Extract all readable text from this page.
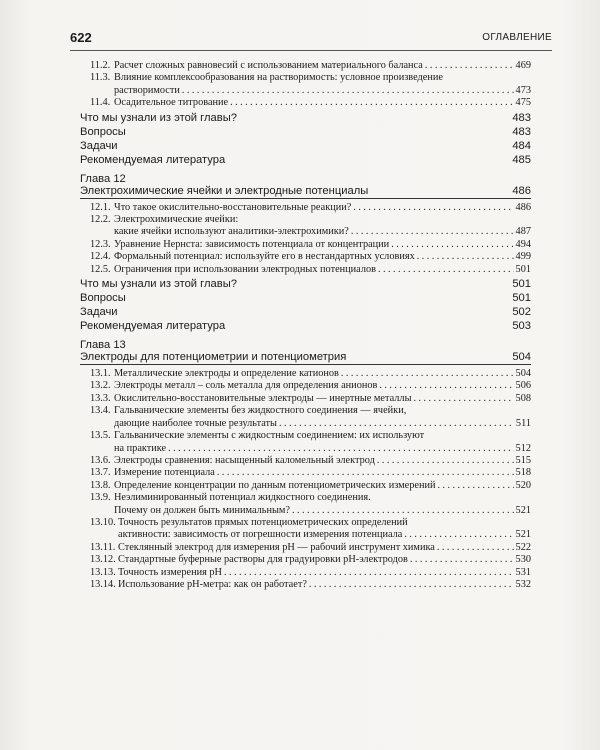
622	ОГЛАВЛЕНИЕ
11.2. Расчет сложных равновесий с использованием материального баланса . . .	469
11.3. Влияние комплексообразования на растворимость: условное произведение
растворимости . . .	473
11.4. Осадительное титрование . . .	475
Что мы узнали из этой главы?	483
Вопросы	483
Задачи	484
Рекомендуемая литература	485
Глава 12
Электрохимические ячейки и электродные потенциалы	486
12.1. Что такое окислительно-восстановительные реакции? . . .	486
12.2. Электрохимические ячейки:
какие ячейки используют аналитики-электрохимики? . . .	487
12.3. Уравнение Нернста: зависимость потенциала от концентрации . . .	494
12.4. Формальный потенциал: используйте его в нестандартных условиях . . .	499
12.5. Ограничения при использовании электродных потенциалов . . .	501
Что мы узнали из этой главы?	501
Вопросы	501
Задачи	502
Рекомендуемая литература	503
Глава 13
Электроды для потенциометрии и потенциометрия	504
13.1. Металлические электроды и определение катионов . . .	504
13.2. Электроды металл – соль металла для определения анионов . . .	506
13.3. Окислительно-восстановительные электроды — инертные металлы . . .	508
13.4. Гальванические элементы без жидкостного соединения — ячейки,
дающие наиболее точные результаты . . .	511
13.5. Гальванические элементы с жидкостным соединением: их используют
на практике . . .	512
13.6. Электроды сравнения: насыщенный каломельный электрод . . .	515
13.7. Измерение потенциала . . .	518
13.8. Определение концентрации по данным потенциометрических измерений . . .	520
13.9. Неэлиминированный потенциал жидкостного соединения.
Почему он должен быть минимальным? . . .	521
13.10. Точность результатов прямых потенциометрических определений
активности: зависимость от погрешности измерения потенциала . . .	521
13.11. Стеклянный электрод для измерения pH — рабочий инструмент химика . . .	522
13.12. Стандартные буферные растворы для градуировки pH-электродов . . .	530
13.13. Точность измерения pH . . .	531
13.14. Использование pH-метра: как он работает? . . .	532
